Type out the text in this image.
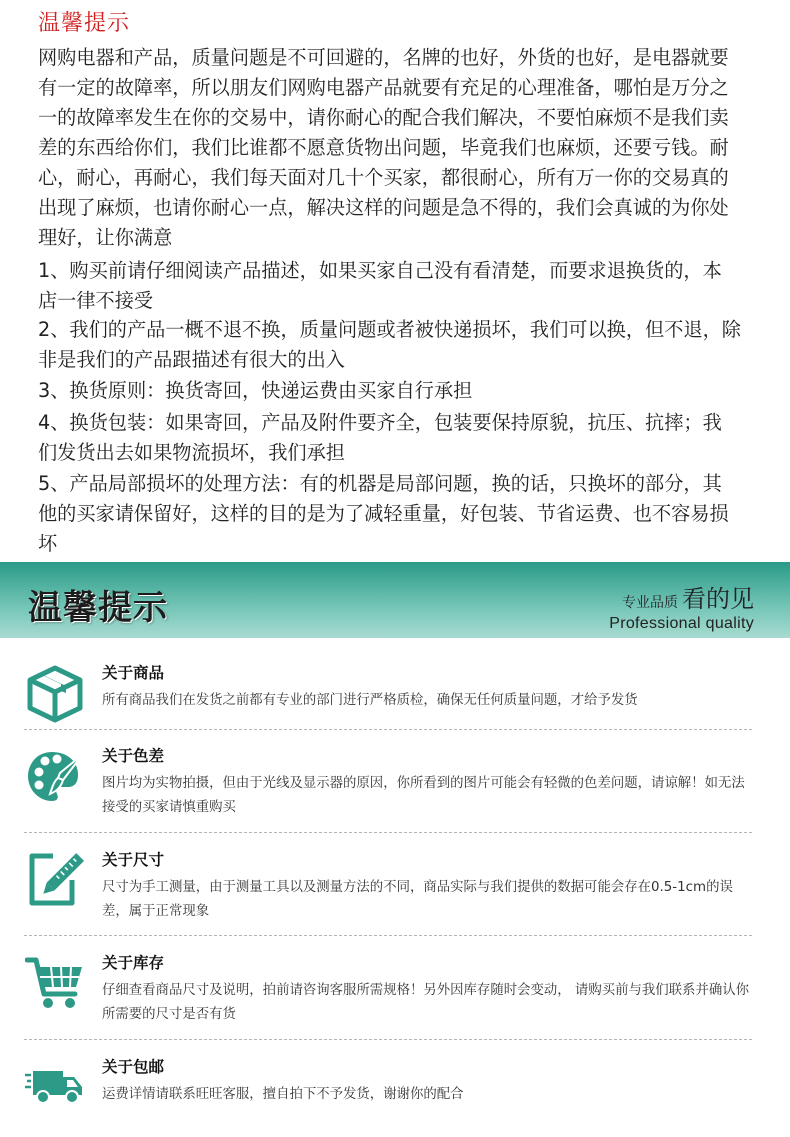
温馨提示
网购电器和产品，质量问题是不可回避的，名牌的也好，外货的也好，是电器就要
有一定的故障率，所以朋友们网购电器产品就要有充足的心理准备，哪怕是万分之
一的故障率发生在你的交易中，请你耐心的配合我们解决，不要怕麻烦不是我们卖
差的东西给你们，我们比谁都不愿意货物出问题，毕竟我们也麻烦，还要亏钱。耐
心，耐心，再耐心，我们每天面对几十个买家，都很耐心，所有万一你的交易真的
出现了麻烦，也请你耐心一点，解决这样的问题是急不得的，我们会真诚的为你处
理好，让你满意
1、购买前请仔细阅读产品描述，如果买家自己没有看清楚，而要求退换货的，本
店一律不接受
2、我们的产品一概不退不换，质量问题或者被快递损坏，我们可以换，但不退，除
非是我们的产品跟描述有很大的出入
3、换货原则：换货寄回，快递运费由买家自行承担
4、换货包装：如果寄回，产品及附件要齐全，包装要保持原貌，抗压、抗摔；我
们发货出去如果物流损坏，我们承担
5、产品局部损坏的处理方法：有的机器是局部问题，换的话，只换坏的部分，其
他的买家请保留好，这样的目的是为了减轻重量，好包装、节省运费、也不容易损
坏
温馨提示	专业品质 看的见
Professional quality
关于商品
所有商品我们在发货之前都有专业的部门进行严格质检，确保无任何质量问题，才给予发货
关于色差
图片均为实物拍摄，但由于光线及显示器的原因，你所看到的图片可能会有轻微的色差问题，请谅解！如无法接受的买家请慎重购买
关于尺寸
尺寸为手工测量，由于测量工具以及测量方法的不同，商品实际与我们提供的数据可能会存在0.5-1cm的误差，属于正常现象
关于库存
仔细查看商品尺寸及说明，拍前请咨询客服所需规格！另外因库存随时会变动， 请购买前与我们联系并确认你所需要的尺寸是否有货
关于包邮
运费详情请联系旺旺客服，擅自拍下不予发货，谢谢你的配合
